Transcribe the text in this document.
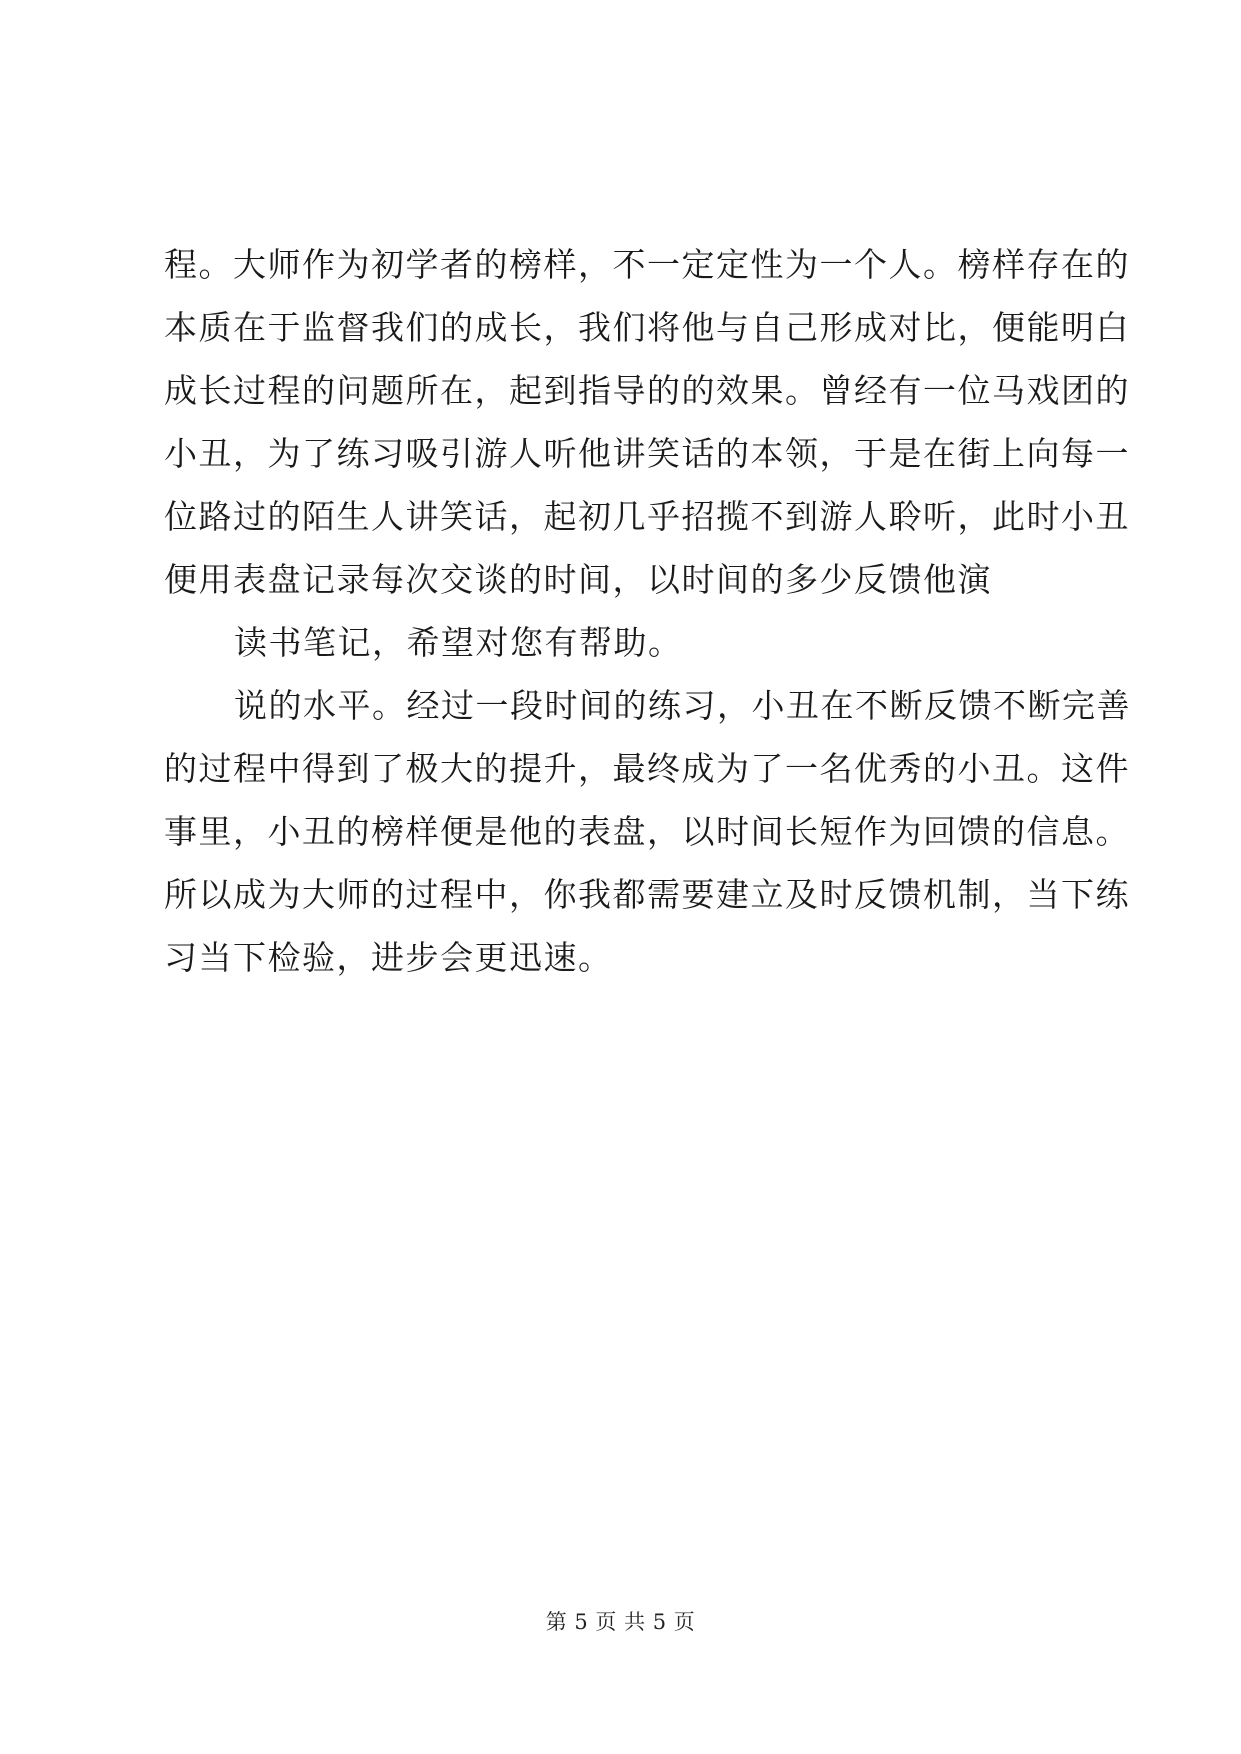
程。大师作为初学者的榜样，不一定定性为一个人。榜样存在的
本质在于监督我们的成长，我们将他与自己形成对比，便能明白
成长过程的问题所在，起到指导的的效果。曾经有一位马戏团的
小丑，为了练习吸引游人听他讲笑话的本领，于是在街上向每一
位路过的陌生人讲笑话，起初几乎招揽不到游人聆听，此时小丑
便用表盘记录每次交谈的时间，以时间的多少反馈他演
读书笔记，希望对您有帮助。
说的水平。经过一段时间的练习，小丑在不断反馈不断完善
的过程中得到了极大的提升，最终成为了一名优秀的小丑。这件
事里，小丑的榜样便是他的表盘，以时间长短作为回馈的信息。
所以成为大师的过程中，你我都需要建立及时反馈机制，当下练
习当下检验，进步会更迅速。
第 5 页 共 5 页
